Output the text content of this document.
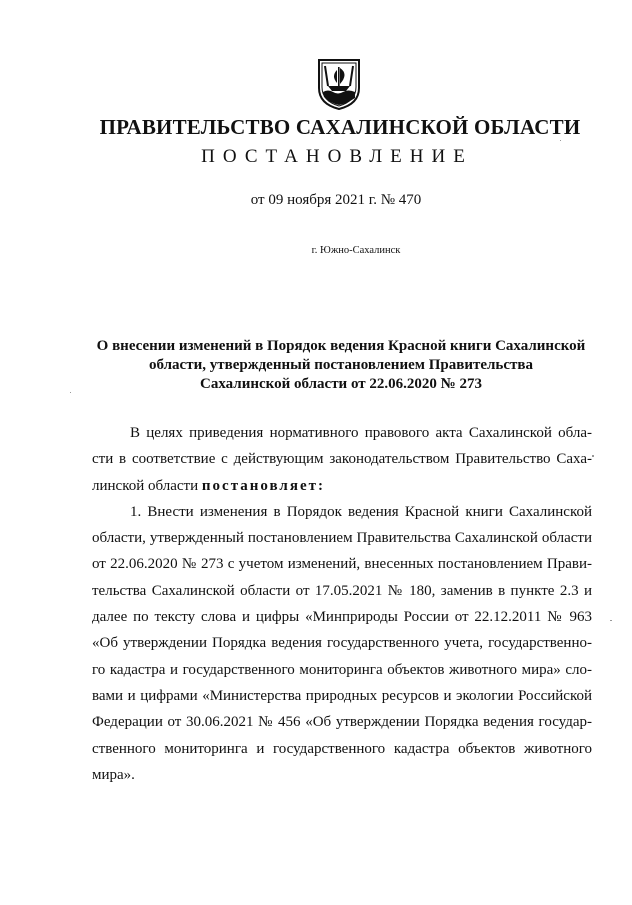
ПРАВИТЕЛЬСТВО САХАЛИНСКОЙ ОБЛАСТИ
ПОСТАНОВЛЕНИЕ
от 09 ноября 2021 г. № 470
г. Южно-Сахалинск
О внесении изменений в Порядок ведения Красной книги Сахалинской
области, утвержденный постановлением Правительства
Сахалинской области от 22.06.2020 № 273
В целях приведения нормативного правового акта Сахалинской обла-
сти в соответствие с действующим законодательством Правительство Саха-
линской области постановляет:
1. Внести изменения в Порядок ведения Красной книги Сахалинской
области, утвержденный постановлением Правительства Сахалинской области
от 22.06.2020 № 273 с учетом изменений, внесенных постановлением Прави-
тельства Сахалинской области от 17.05.2021 № 180, заменив в пункте 2.3 и
далее по тексту слова и цифры «Минприроды России от 22.12.2011 № 963
«Об утверждении Порядка ведения государственного учета, государственно-
го кадастра и государственного мониторинга объектов животного мира» сло-
вами и цифрами «Министерства природных ресурсов и экологии Российской
Федерации от 30.06.2021 № 456 «Об утверждении Порядка ведения государ-
ственного мониторинга и государственного кадастра объектов животного
мира».
